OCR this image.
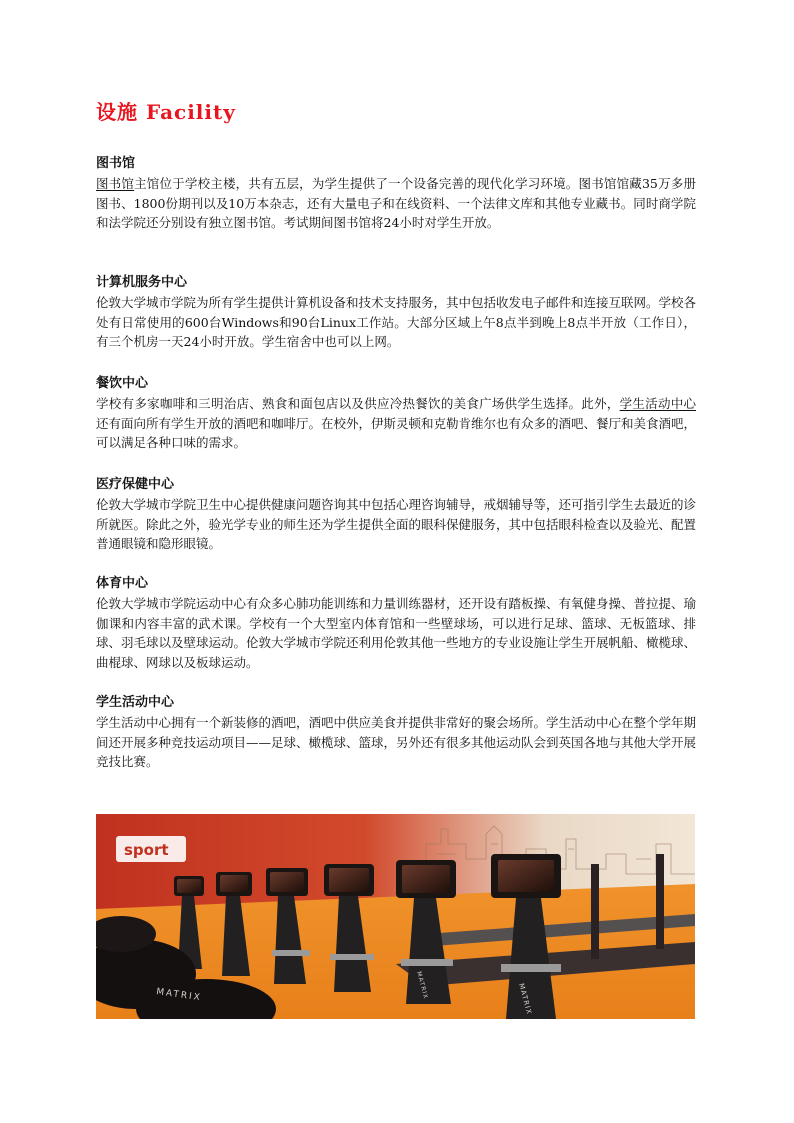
设施 Facility
图书馆
图书馆主馆位于学校主楼，共有五层，为学生提供了一个设备完善的现代化学习环境。图书馆馆藏35万多册图书、1800份期刊以及10万本杂志，还有大量电子和在线资料、一个法律文库和其他专业藏书。同时商学院和法学院还分别设有独立图书馆。考试期间图书馆将24小时对学生开放。
计算机服务中心
伦敦大学城市学院为所有学生提供计算机设备和技术支持服务，其中包括收发电子邮件和连接互联网。学校各处有日常使用的600台Windows和90台Linux工作站。大部分区域上午8点半到晚上8点半开放（工作日），有三个机房一天24小时开放。学生宿舍中也可以上网。
餐饮中心
学校有多家咖啡和三明治店、熟食和面包店以及供应冷热餐饮的美食广场供学生选择。此外，学生活动中心还有面向所有学生开放的酒吧和咖啡厅。在校外，伊斯灵顿和克勒肯维尔也有众多的酒吧、餐厅和美食酒吧，可以满足各种口味的需求。
医疗保健中心
伦敦大学城市学院卫生中心提供健康问题咨询其中包括心理咨询辅导，戒烟辅导等，还可指引学生去最近的诊所就医。除此之外，验光学专业的师生还为学生提供全面的眼科保健服务，其中包括眼科检查以及验光、配置普通眼镜和隐形眼镜。
体育中心
伦敦大学城市学院运动中心有众多心肺功能训练和力量训练器材，还开设有踏板操、有氧健身操、普拉提、瑜伽课和内容丰富的武术课。学校有一个大型室内体育馆和一些壁球场，可以进行足球、篮球、无板篮球、排球、羽毛球以及壁球运动。伦敦大学城市学院还利用伦敦其他一些地方的专业设施让学生开展帆船、橄榄球、曲棍球、网球以及板球运动。
学生活动中心
学生活动中心拥有一个新装修的酒吧，酒吧中供应美食并提供非常好的聚会场所。学生活动中心在整个学年期间还开展多种竞技运动项目——足球、橄榄球、篮球，另外还有很多其他运动队会到英国各地与其他大学开展竞技比赛。
sport
MATRIX	MATRIX
MATRIX
